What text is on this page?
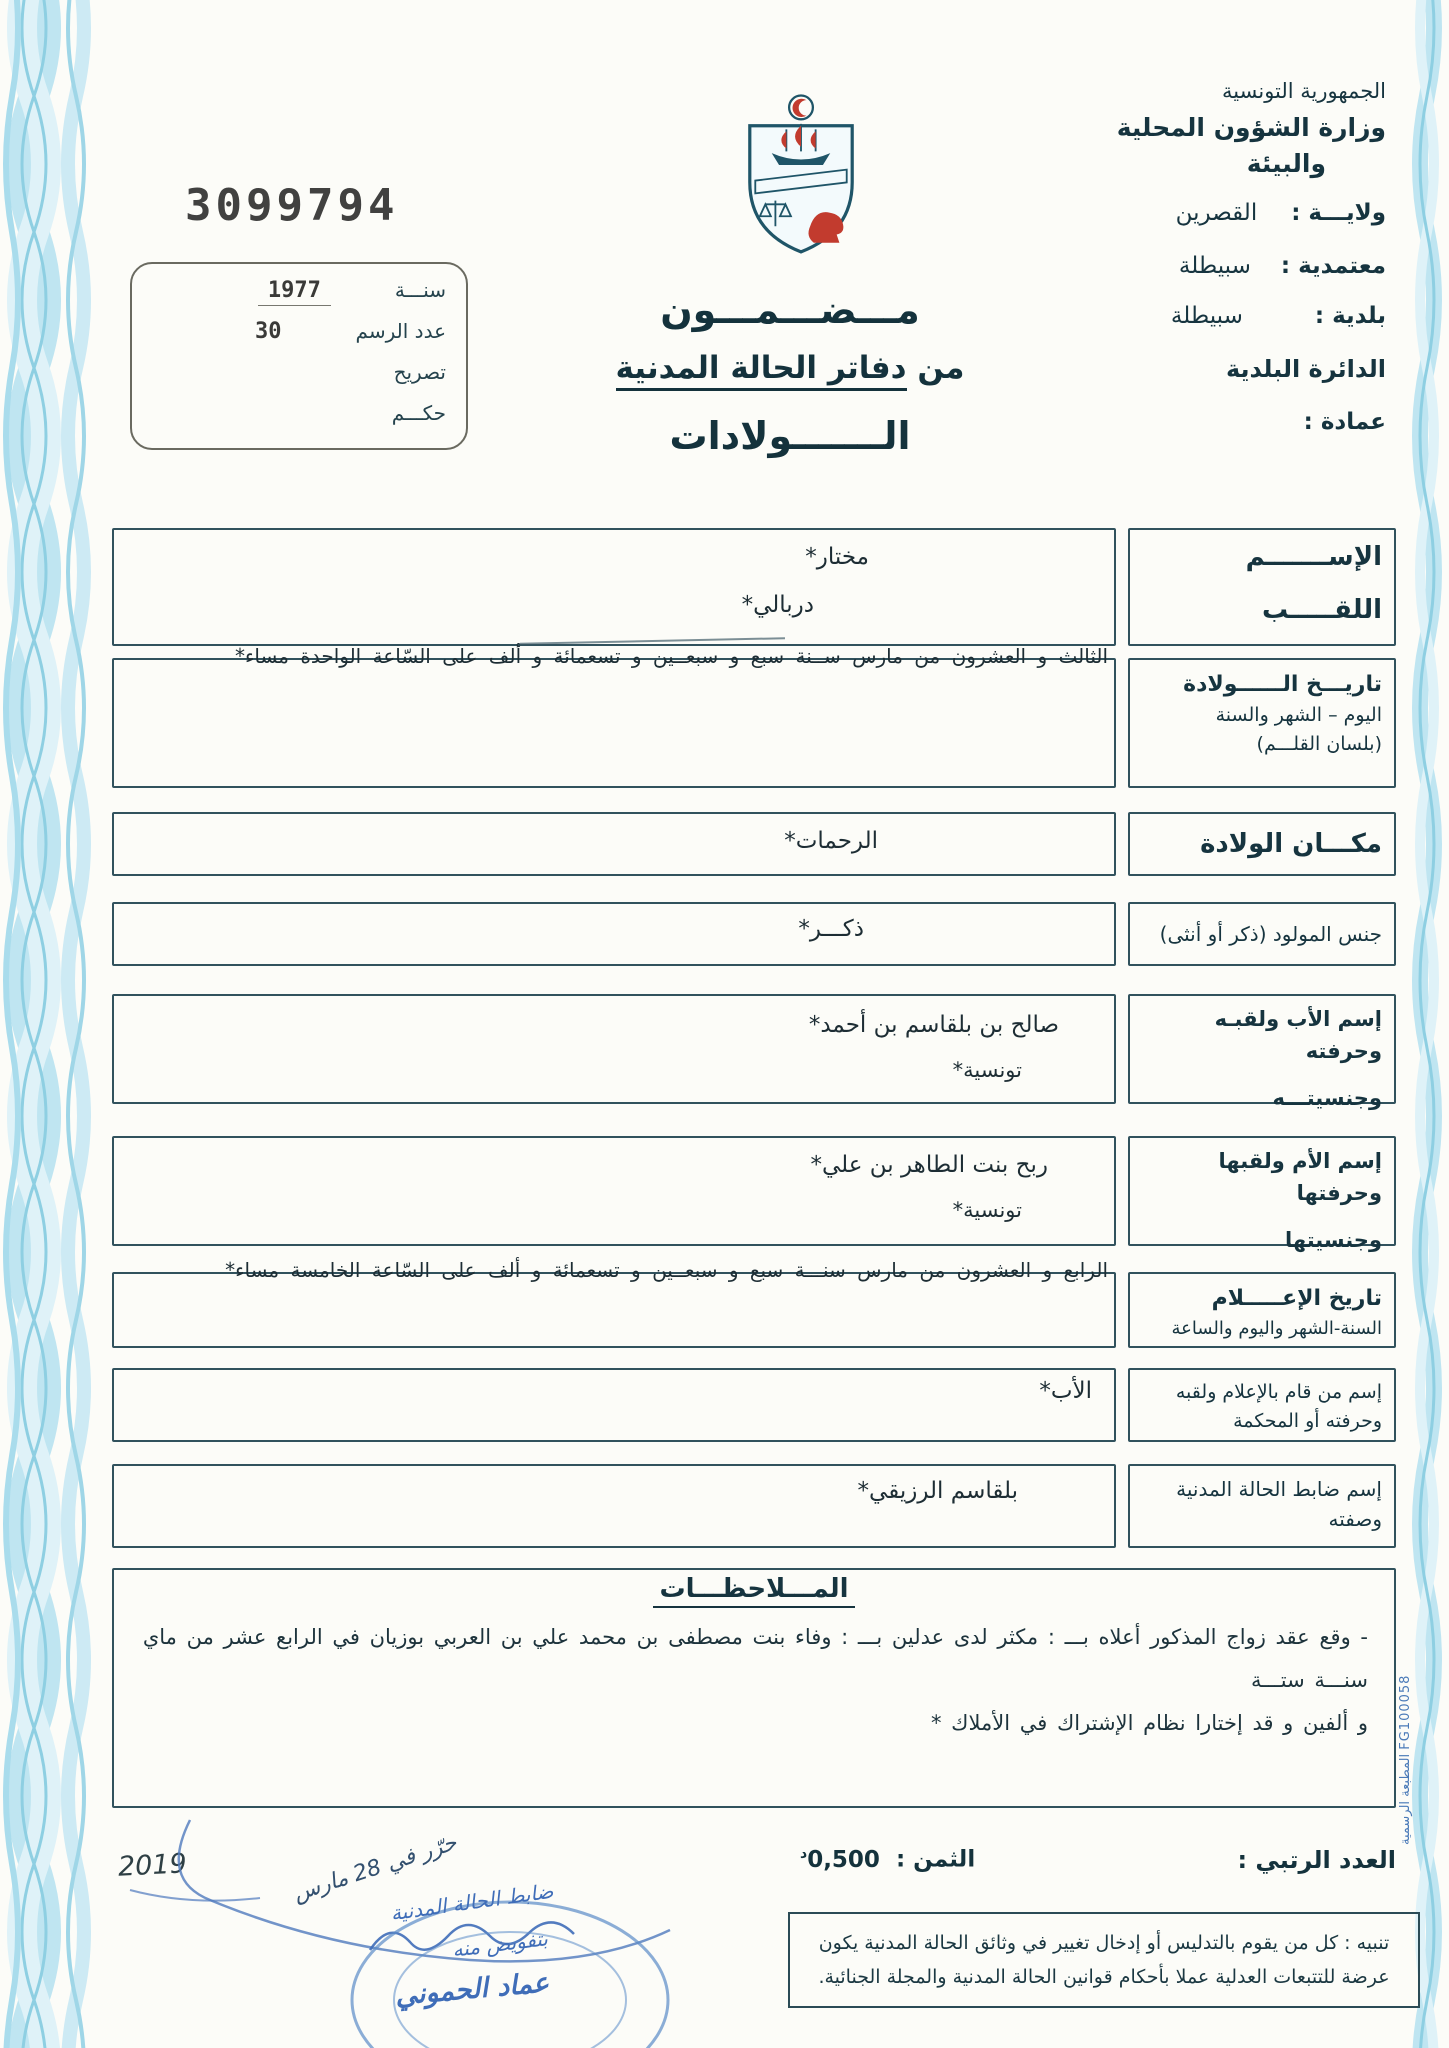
3099794
الجمهورية التونسية
وزارة الشؤون المحلية
والبيئة
ولايـــة :
القصرين
معتمدية :
سبيطلة
بلدية :
سبيطلة
الدائرة البلدية
عمادة :
مـــضـــمـــون
من دفاتر الحالة المدنية
الـــــــولادات
سنـــة
1977
عدد الرسم
30
تصريح
حكـــم
الإســـــــم
اللقـــــب
مختار*
دربالي*
تاريـــخ الــــــولادة
اليوم – الشهر والسنة
(بلسان القلـــم)
الثالث و العشرون من مارس ســنة سبع و سبعــين و تسعمائة و ألف على السّاعة الواحدة مساء*
مكـــان الولادة
الرحمات*
جنس المولود (ذكر أو أنثى)
ذكـــر*
إسم الأب ولقبـه وحرفته
وجنسيتـــه
صالح بن بلقاسم بن أحمد*
تونسية*
إسم الأم ولقبها وحرفتها
وجنسيتها
ربح بنت الطاهر بن علي*
تونسية*
تاريخ الإعـــــلام
السنة-الشهر واليوم والساعة
الرابع و العشرون من مارس سنـــة سبع و سبعــين و تسعمائة و ألف على السّاعة الخامسة مساء*
إسم من قام بالإعلام ولقبه
وحرفته أو المحكمة
الأب*
إسم ضابط الحالة المدنية
وصفته
بلقاسم الرزيقي*
المـــلاحظـــات
- وقع عقد زواج المذكور أعلاه بـــ : مكثر لدى عدلين بـــ : وفاء بنت مصطفى بن محمد علي بن العربي بوزيان في الرابع عشر من ماي سنـــة ستـــة
و ألفين و قد إختارا نظام الإشتراك في الأملاك *
العدد الرتبي :
الثمن : $0,500^د$
حرّر في 28 مارس
2019
ضابط الحالة المدنية
بتفويض منه
عماد الحموني
تنبيه : كل من يقوم بالتدليس أو إدخال تغيير في وثائق الحالة المدنية يكون عرضة للتتبعات العدلية عملا بأحكام قوانين الحالة المدنية والمجلة الجنائية.
المطبعة الرسمية FG100058
